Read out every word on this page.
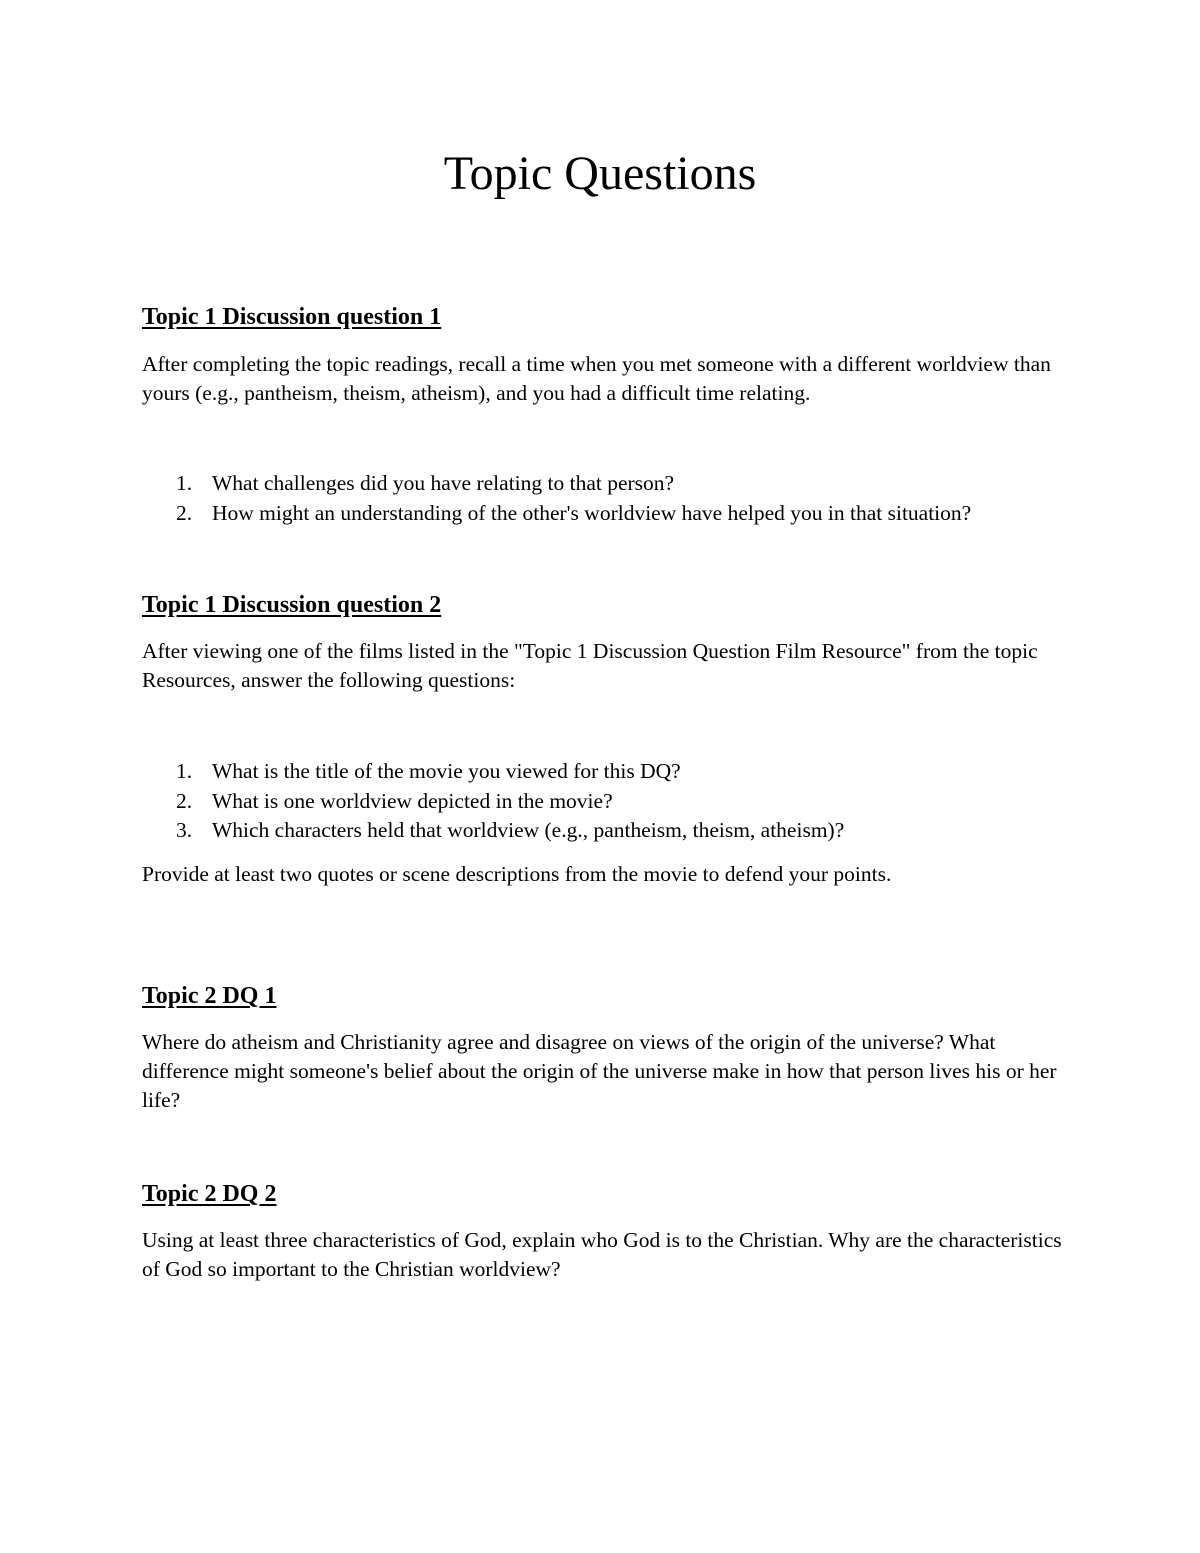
Topic Questions
Topic 1 Discussion question 1

After completing the topic readings, recall a time when you met someone with a different worldview than yours (e.g., pantheism, theism, atheism), and you had a difficult time relating.

1. What challenges did you have relating to that person?
2. How might an understanding of the other's worldview have helped you in that situation?
Topic 1 Discussion question 2

After viewing one of the films listed in the "Topic 1 Discussion Question Film Resource" from the topic Resources, answer the following questions:

1. What is the title of the movie you viewed for this DQ?
2. What is one worldview depicted in the movie?
3. Which characters held that worldview (e.g., pantheism, theism, atheism)?

Provide at least two quotes or scene descriptions from the movie to defend your points.

Topic 2 DQ 1

Where do atheism and Christianity agree and disagree on views of the origin of the universe? What difference might someone's belief about the origin of the universe make in how that person lives his or her life?

Topic 2 DQ 2

Using at least three characteristics of God, explain who God is to the Christian. Why are the characteristics of God so important to the Christian worldview?
